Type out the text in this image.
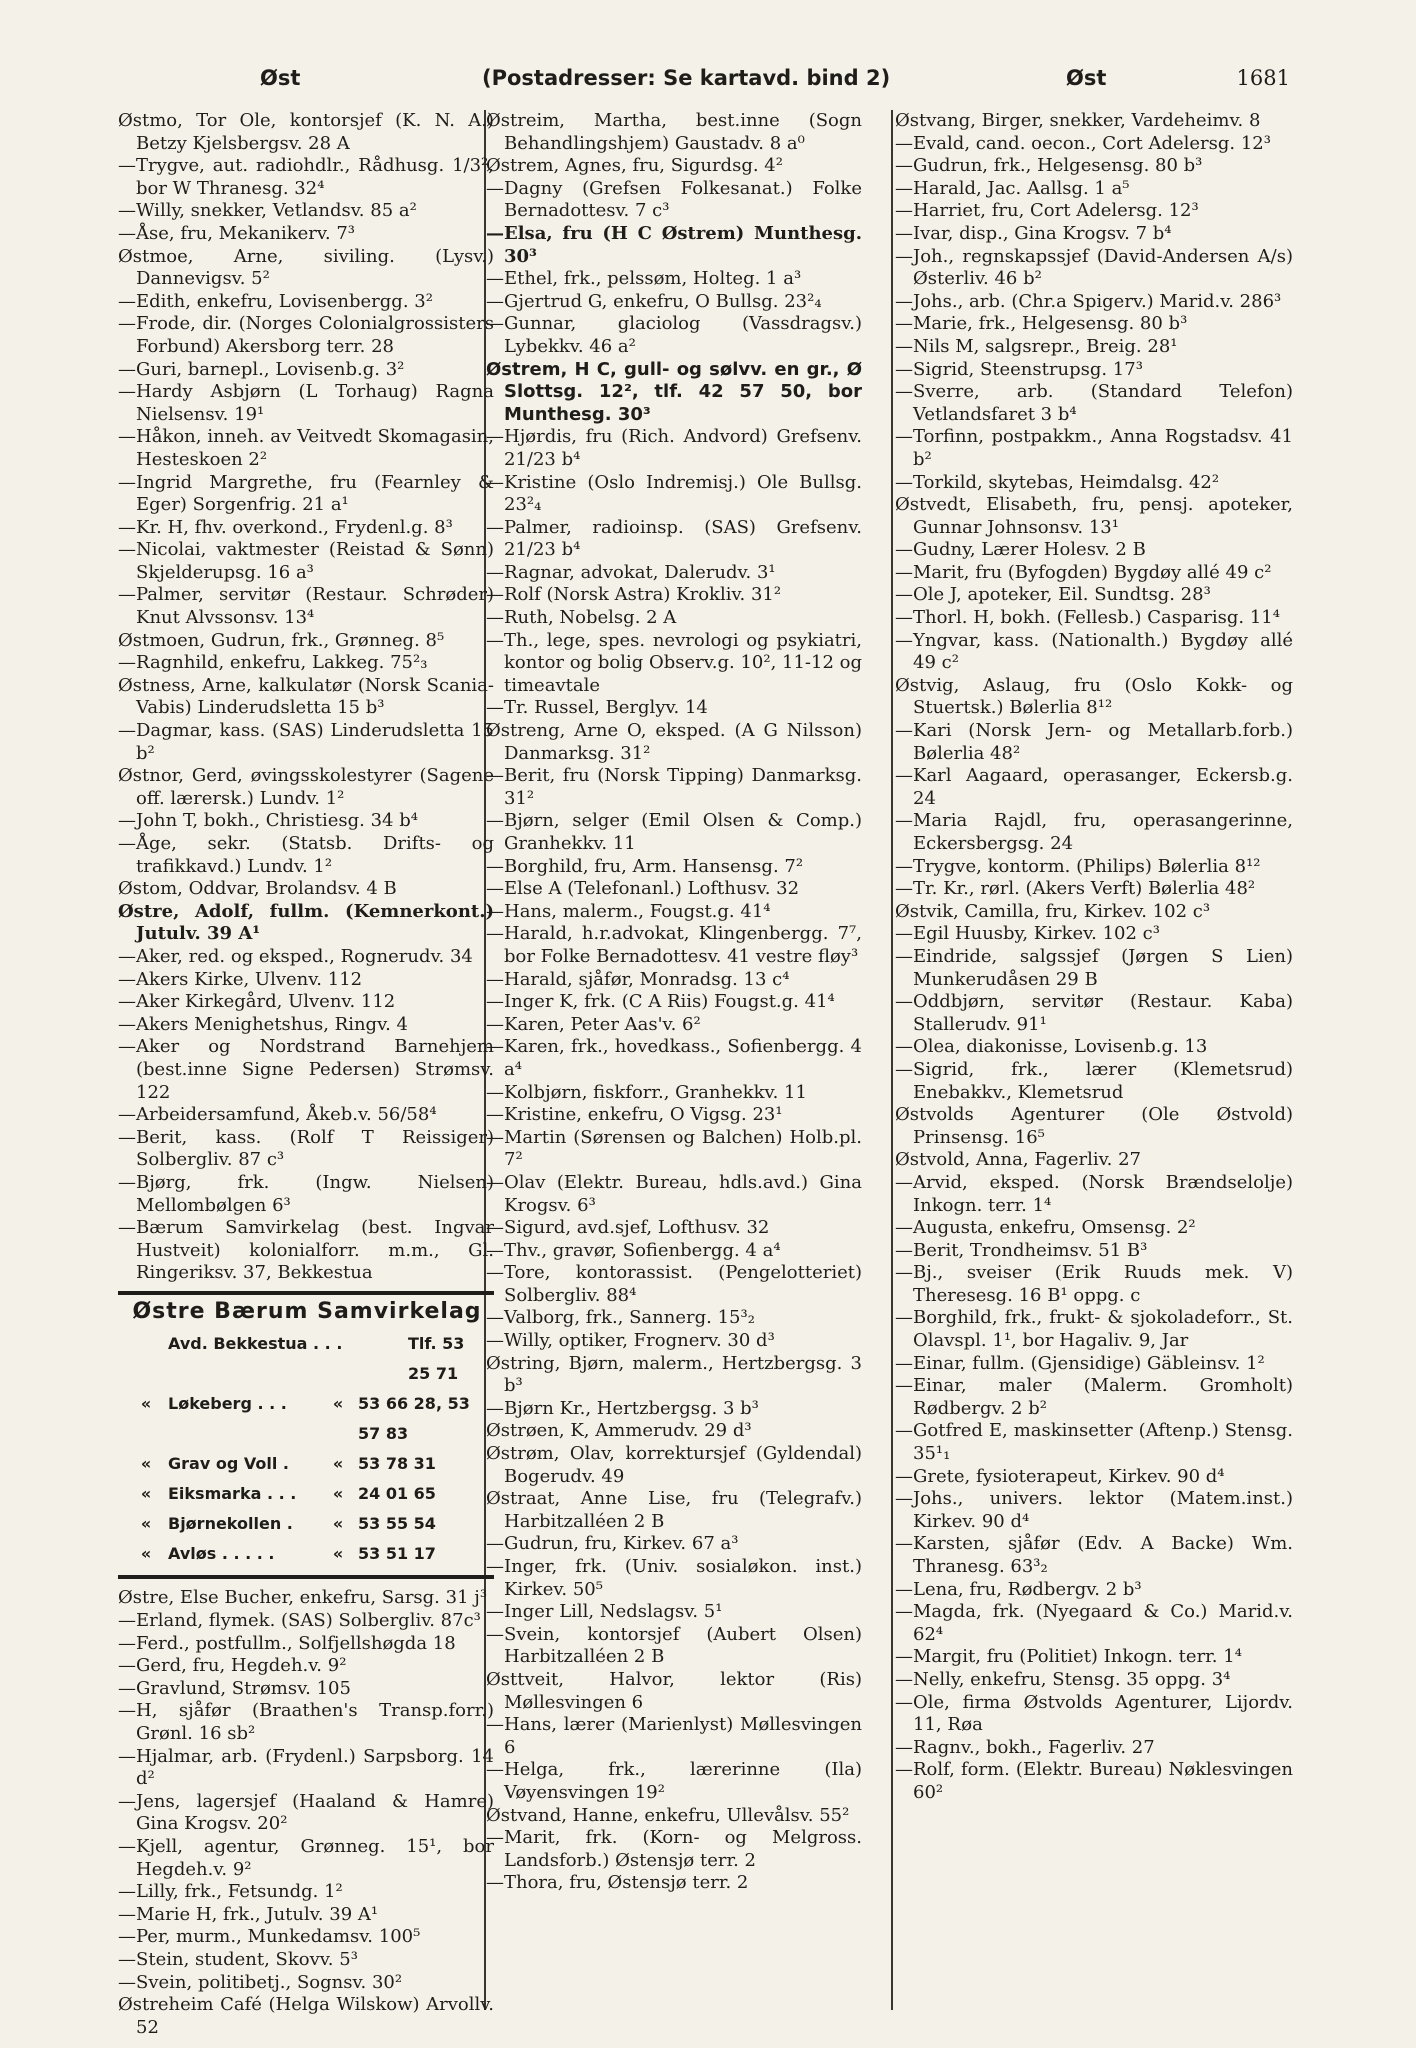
Øst	(Postadresser: Se kartavd. bind 2)	Øst	1681

Østmo, Tor Ole, kontorsjef (K. N. A.) Betzy Kjelsbergsv. 28 A

—Trygve, aut. radiohdlr., Rådhusg. 1/3², bor W Thranesg. 32⁴

—Willy, snekker, Vetlandsv. 85 a²

—Åse, fru, Mekanikerv. 7³

Østmoe, Arne, siviling. (Lysv.) Dannevigsv. 5²

—Edith, enkefru, Lovisenbergg. 3²

—Frode, dir. (Norges Colonialgrossisters Forbund) Akersborg terr. 28

—Guri, barnepl., Lovisenb.g. 3²

—Hardy Asbjørn (L Torhaug) Ragna Nielsensv. 19¹

—Håkon, inneh. av Veitvedt Skomagasin, Hesteskoen 2²

—Ingrid Margrethe, fru (Fearnley & Eger) Sorgenfrig. 21 a¹

—Kr. H, fhv. overkond., Frydenl.g. 8³

—Nicolai, vaktmester (Reistad & Sønn) Skjelderupsg. 16 a³

—Palmer, servitør (Restaur. Schrøder) Knut Alvssonsv. 13⁴

Østmoen, Gudrun, frk., Grønneg. 8⁵

—Ragnhild, enkefru, Lakkeg. 75²₃

Østness, Arne, kalkulatør (Norsk Scania-Vabis) Linderudsletta 15 b³

—Dagmar, kass. (SAS) Linderudsletta 15 b²

Østnor, Gerd, øvingsskolestyrer (Sagene off. lærersk.) Lundv. 1²

—John T, bokh., Christiesg. 34 b⁴

—Åge, sekr. (Statsb. Drifts- og trafikkavd.) Lundv. 1²

Østom, Oddvar, Brolandsv. 4 B

Østre, Adolf, fullm. (Kemnerkont.) Jutulv. 39 A¹

—Aker, red. og eksped., Rognerudv. 34

—Akers Kirke, Ulvenv. 112

—Aker Kirkegård, Ulvenv. 112

—Akers Menighetshus, Ringv. 4

—Aker og Nordstrand Barnehjem (best.inne Signe Pedersen) Strømsv. 122

—Arbeidersamfund, Åkeb.v. 56/58⁴

—Berit, kass. (Rolf T Reissiger) Solbergliv. 87 c³

—Bjørg, frk. (Ingw. Nielsen) Mellombølgen 6³

—Bærum Samvirkelag (best. Ingvar Hustveit) kolonialforr. m.m., Gl. Ringeriksv. 37, Bekkestua

Østre Bærum Samvirkelag
Avd. Bekkestua . . .	Tlf. 53 25 71
«	Løkeberg . . .	« 53 66 28, 53 57 83
«	Grav og Voll .	« 53 78 31
«	Eiksmarka . . .	« 24 01 65
«	Bjørnekollen .	« 53 55 54
«	Avløs . . . . .	« 53 51 17

Østre, Else Bucher, enkefru, Sarsg. 31 j³

—Erland, flymek. (SAS) Solbergliv. 87c³

—Ferd., postfullm., Solfjellshøgda 18

—Gerd, fru, Hegdeh.v. 9²

—Gravlund, Strømsv. 105

—H, sjåfør (Braathen's Transp.forr.) Grønl. 16 sb²

—Hjalmar, arb. (Frydenl.) Sarpsborg. 14 d²

—Jens, lagersjef (Haaland & Hamre) Gina Krogsv. 20²

—Kjell, agentur, Grønneg. 15¹, bor Hegdeh.v. 9²

—Lilly, frk., Fetsundg. 1²

—Marie H, frk., Jutulv. 39 A¹

—Per, murm., Munkedamsv. 100⁵

—Stein, student, Skovv. 5³

—Svein, politibetj., Sognsv. 30²

Østreheim Café (Helga Wilskow) Arvollv. 52

Østreim, Martha, best.inne (Sogn Behandlingshjem) Gaustadv. 8 a⁰

Østrem, Agnes, fru, Sigurdsg. 4²

—Dagny (Grefsen Folkesanat.) Folke Bernadottesv. 7 c³

—Elsa, fru (H C Østrem) Munthesg. 30³

—Ethel, frk., pelssøm, Holteg. 1 a³

—Gjertrud G, enkefru, O Bullsg. 23²₄

—Gunnar, glaciolog (Vassdragsv.) Lybekkv. 46 a²

Østrem, H C, gull- og sølvv. en gr., Ø Slottsg. 12², tlf. 42 57 50, bor Munthesg. 30³

—Hjørdis, fru (Rich. Andvord) Grefsenv. 21/23 b⁴

—Kristine (Oslo Indremisj.) Ole Bullsg. 23²₄

—Palmer, radioinsp. (SAS) Grefsenv. 21/23 b⁴

—Ragnar, advokat, Dalerudv. 3¹

—Rolf (Norsk Astra) Krokliv. 31²

—Ruth, Nobelsg. 2 A

—Th., lege, spes. nevrologi og psykiatri, kontor og bolig Observ.g. 10², 11-12 og timeavtale

—Tr. Russel, Berglyv. 14

Østreng, Arne O, eksped. (A G Nilsson) Danmarksg. 31²

—Berit, fru (Norsk Tipping) Danmarksg. 31²

—Bjørn, selger (Emil Olsen & Comp.) Granhekkv. 11

—Borghild, fru, Arm. Hansensg. 7²

—Else A (Telefonanl.) Lofthusv. 32

—Hans, malerm., Fougst.g. 41⁴

—Harald, h.r.advokat, Klingenbergg. 7⁷, bor Folke Bernadottesv. 41 vestre fløy³

—Harald, sjåfør, Monradsg. 13 c⁴

—Inger K, frk. (C A Riis) Fougst.g. 41⁴

—Karen, Peter Aas'v. 6²

—Karen, frk., hovedkass., Sofienbergg. 4 a⁴

—Kolbjørn, fiskforr., Granhekkv. 11

—Kristine, enkefru, O Vigsg. 23¹

—Martin (Sørensen og Balchen) Holb.pl. 7²

—Olav (Elektr. Bureau, hdls.avd.) Gina Krogsv. 6³

—Sigurd, avd.sjef, Lofthusv. 32

—Thv., gravør, Sofienbergg. 4 a⁴

—Tore, kontorassist. (Pengelotteriet) Solbergliv. 88⁴

—Valborg, frk., Sannerg. 15³₂

—Willy, optiker, Frognerv. 30 d³

Østring, Bjørn, malerm., Hertzbergsg. 3 b³

—Bjørn Kr., Hertzbergsg. 3 b³

Østrøen, K, Ammerudv. 29 d³

Østrøm, Olav, korrektursjef (Gyldendal) Bogerudv. 49

Østraat, Anne Lise, fru (Telegrafv.) Harbitzalléen 2 B

—Gudrun, fru, Kirkev. 67 a³

—Inger, frk. (Univ. sosialøkon. inst.) Kirkev. 50⁵

—Inger Lill, Nedslagsv. 5¹

—Svein, kontorsjef (Aubert Olsen) Harbitzalléen 2 B

Østtveit, Halvor, lektor (Ris) Møllesvingen 6

—Hans, lærer (Marienlyst) Møllesvingen 6

—Helga, frk., lærerinne (Ila) Vøyensvingen 19²

Østvand, Hanne, enkefru, Ullevålsv. 55²

—Marit, frk. (Korn- og Melgross. Landsforb.) Østensjø terr. 2

—Thora, fru, Østensjø terr. 2

Østvang, Birger, snekker, Vardeheimv. 8

—Evald, cand. oecon., Cort Adelersg. 12³

—Gudrun, frk., Helgesensg. 80 b³

—Harald, Jac. Aallsg. 1 a⁵

—Harriet, fru, Cort Adelersg. 12³

—Ivar, disp., Gina Krogsv. 7 b⁴

—Joh., regnskapssjef (David-Andersen A/s) Østerliv. 46 b²

—Johs., arb. (Chr.a Spigerv.) Marid.v. 286³

—Marie, frk., Helgesensg. 80 b³

—Nils M, salgsrepr., Breig. 28¹

—Sigrid, Steenstrupsg. 17³

—Sverre, arb. (Standard Telefon) Vetlandsfaret 3 b⁴

—Torfinn, postpakkm., Anna Rogstadsv. 41 b²

—Torkild, skytebas, Heimdalsg. 42²

Østvedt, Elisabeth, fru, pensj. apoteker, Gunnar Johnsonsv. 13¹

—Gudny, Lærer Holesv. 2 B

—Marit, fru (Byfogden) Bygdøy allé 49 c²

—Ole J, apoteker, Eil. Sundtsg. 28³

—Thorl. H, bokh. (Fellesb.) Casparisg. 11⁴

—Yngvar, kass. (Nationalth.) Bygdøy allé 49 c²

Østvig, Aslaug, fru (Oslo Kokk- og Stuertsk.) Bølerlia 8¹²

—Kari (Norsk Jern- og Metallarb.forb.) Bølerlia 48²

—Karl Aagaard, operasanger, Eckersb.g. 24

—Maria Rajdl, fru, operasangerinne, Eckersbergsg. 24

—Trygve, kontorm. (Philips) Bølerlia 8¹²

—Tr. Kr., rørl. (Akers Verft) Bølerlia 48²

Østvik, Camilla, fru, Kirkev. 102 c³

—Egil Huusby, Kirkev. 102 c³

—Eindride, salgssjef (Jørgen S Lien) Munkerudåsen 29 B

—Oddbjørn, servitør (Restaur. Kaba) Stallerudv. 91¹

—Olea, diakonisse, Lovisenb.g. 13

—Sigrid, frk., lærer (Klemetsrud) Enebakkv., Klemetsrud

Østvolds Agenturer (Ole Østvold) Prinsensg. 16⁵

Østvold, Anna, Fagerliv. 27

—Arvid, eksped. (Norsk Brændselolje) Inkogn. terr. 1⁴

—Augusta, enkefru, Omsensg. 2²

—Berit, Trondheimsv. 51 B³

—Bj., sveiser (Erik Ruuds mek. V) Theresesg. 16 B¹ oppg. c

—Borghild, frk., frukt- & sjokoladeforr., St. Olavspl. 1¹, bor Hagaliv. 9, Jar

—Einar, fullm. (Gjensidige) Gäbleinsv. 1²

—Einar, maler (Malerm. Gromholt) Rødbergv. 2 b²

—Gotfred E, maskinsetter (Aftenp.) Stensg. 35¹₁

—Grete, fysioterapeut, Kirkev. 90 d⁴

—Johs., univers. lektor (Matem.inst.) Kirkev. 90 d⁴

—Karsten, sjåfør (Edv. A Backe) Wm. Thranesg. 63³₂

—Lena, fru, Rødbergv. 2 b³

—Magda, frk. (Nyegaard & Co.) Marid.v. 62⁴

—Margit, fru (Politiet) Inkogn. terr. 1⁴

—Nelly, enkefru, Stensg. 35 oppg. 3⁴

—Ole, firma Østvolds Agenturer, Lijordv. 11, Røa

—Ragnv., bokh., Fagerliv. 27

—Rolf, form. (Elektr. Bureau) Nøklesvingen 60²
